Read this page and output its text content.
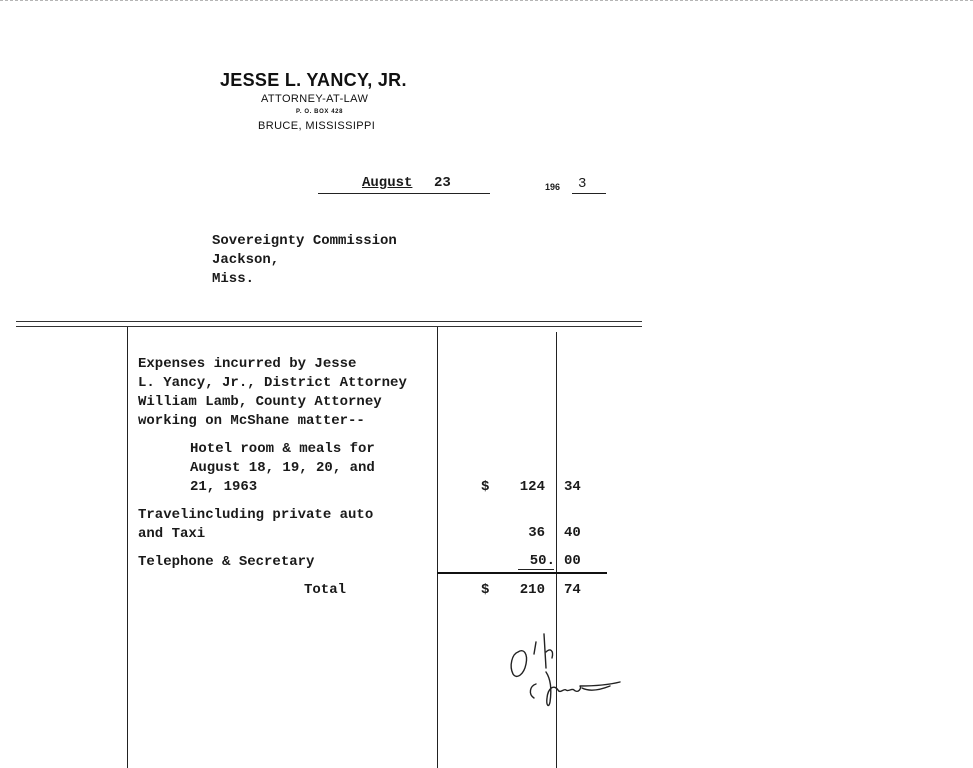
JESSE L. YANCY, JR.
ATTORNEY-AT-LAW
P. O. BOX 428
BRUCE, MISSISSIPPI
August 23	196 3
Sovereignty Commission
Jackson,
Miss.
Expenses incurred by Jesse
L. Yancy, Jr., District Attorney
William Lamb, County Attorney
working on McShane matter--
Hotel room & meals for
August 18, 19, 20, and
21, 1963	$	124 34
Travelincluding private auto
and Taxi	36 40
Telephone & Secretary	50. 00
Total	$	210 74
